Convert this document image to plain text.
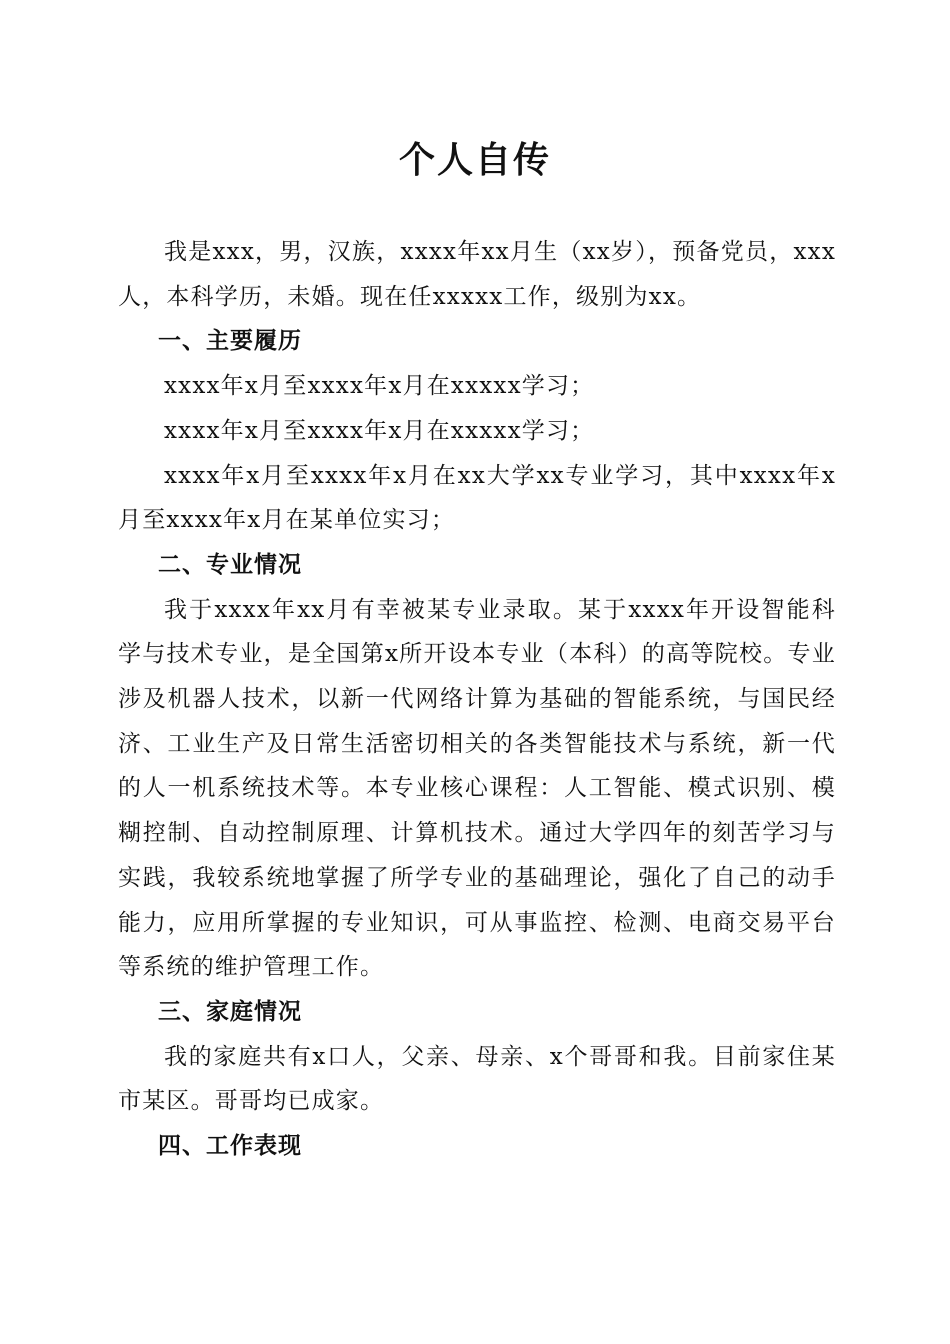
个人自传

我是xxx，男，汉族，xxxx年xx月生（xx岁），预备党员，xxx人，本科学历，未婚。现在任xxxxx工作，级别为xx。

一、主要履历

xxxx年x月至xxxx年x月在xxxxx学习；

xxxx年x月至xxxx年x月在xxxxx学习；

xxxx年x月至xxxx年x月在xx大学xx专业学习，其中xxxx年x月至xxxx年x月在某单位实习；

二、专业情况

我于xxxx年xx月有幸被某专业录取。某于xxxx年开设智能科学与技术专业，是全国第x所开设本专业（本科）的高等院校。专业涉及机器人技术，以新一代网络计算为基础的智能系统，与国民经济、工业生产及日常生活密切相关的各类智能技术与系统，新一代的人一机系统技术等。本专业核心课程：人工智能、模式识别、模糊控制、自动控制原理、计算机技术。通过大学四年的刻苦学习与实践，我较系统地掌握了所学专业的基础理论，强化了自己的动手能力，应用所掌握的专业知识，可从事监控、检测、电商交易平台等系统的维护管理工作。

三、家庭情况

我的家庭共有x口人，父亲、母亲、x个哥哥和我。目前家住某市某区。哥哥均已成家。

四、工作表现
